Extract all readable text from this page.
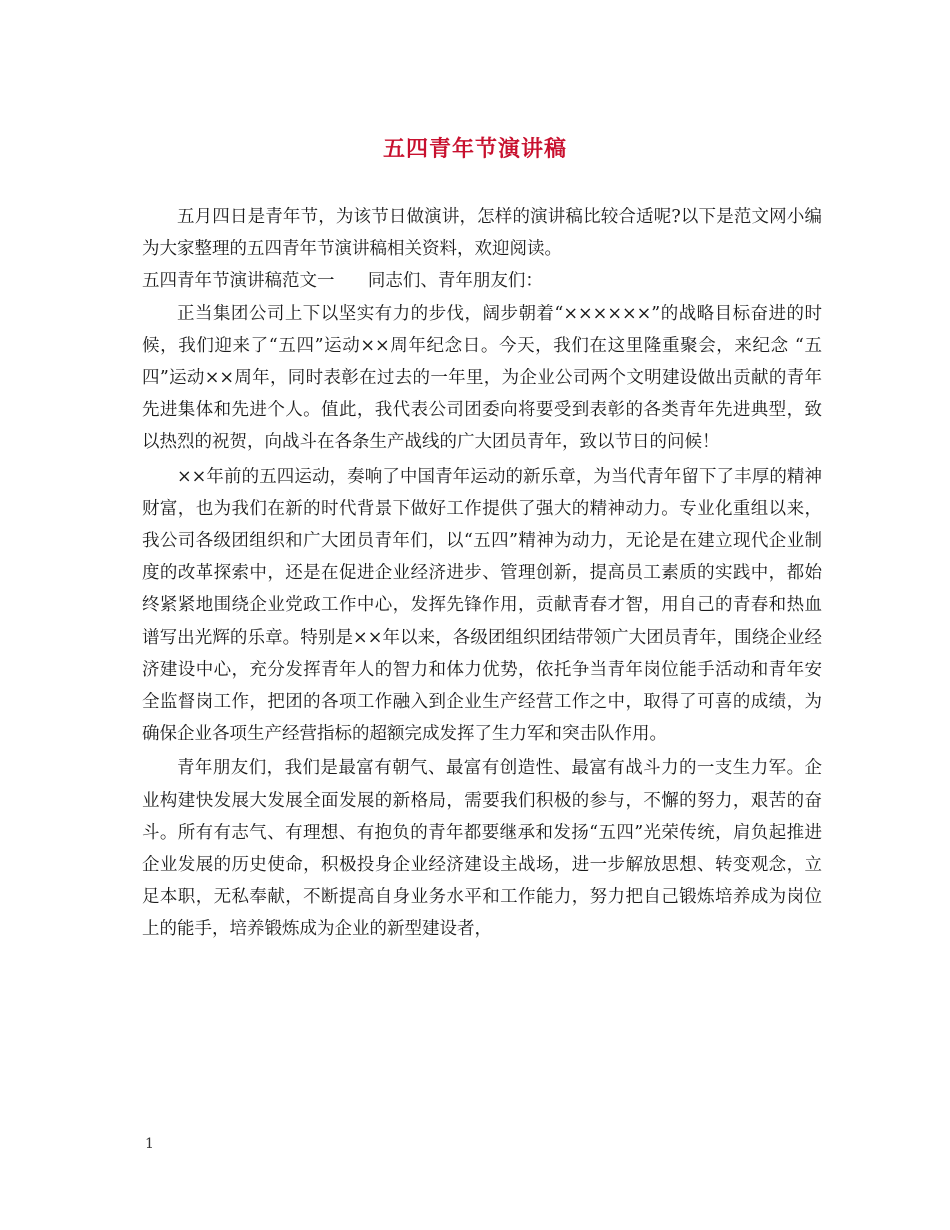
五四青年节演讲稿

五月四日是青年节，为该节日做演讲，怎样的演讲稿比较合适呢?以下是范文网小编为大家整理的五四青年节演讲稿相关资料，欢迎阅读。

五四青年节演讲稿范文一      同志们、青年朋友们：

正当集团公司上下以坚实有力的步伐，阔步朝着“××××××”的战略目标奋进的时候，我们迎来了“五四”运动××周年纪念日。今天，我们在这里隆重聚会，来纪念 “五四”运动××周年，同时表彰在过去的一年里，为企业公司两个文明建设做出贡献的青年先进集体和先进个人。值此，我代表公司团委向将要受到表彰的各类青年先进典型，致以热烈的祝贺，向战斗在各条生产战线的广大团员青年，致以节日的问候！

××年前的五四运动，奏响了中国青年运动的新乐章，为当代青年留下了丰厚的精神财富，也为我们在新的时代背景下做好工作提供了强大的精神动力。专业化重组以来，我公司各级团组织和广大团员青年们，以“五四”精神为动力，无论是在建立现代企业制度的改革探索中，还是在促进企业经济进步、管理创新，提高员工素质的实践中，都始终紧紧地围绕企业党政工作中心，发挥先锋作用，贡献青春才智，用自己的青春和热血谱写出光辉的乐章。特别是××年以来，各级团组织团结带领广大团员青年，围绕企业经济建设中心，充分发挥青年人的智力和体力优势，依托争当青年岗位能手活动和青年安全监督岗工作，把团的各项工作融入到企业生产经营工作之中，取得了可喜的成绩，为确保企业各项生产经营指标的超额完成发挥了生力军和突击队作用。

青年朋友们，我们是最富有朝气、最富有创造性、最富有战斗力的一支生力军。企业构建快发展大发展全面发展的新格局，需要我们积极的参与，不懈的努力，艰苦的奋斗。所有有志气、有理想、有抱负的青年都要继承和发扬“五四”光荣传统，肩负起推进企业发展的历史使命，积极投身企业经济建设主战场，进一步解放思想、转变观念，立足本职，无私奉献，不断提高自身业务水平和工作能力，努力把自己锻炼培养成为岗位上的能手，培养锻炼成为企业的新型建设者，

1
